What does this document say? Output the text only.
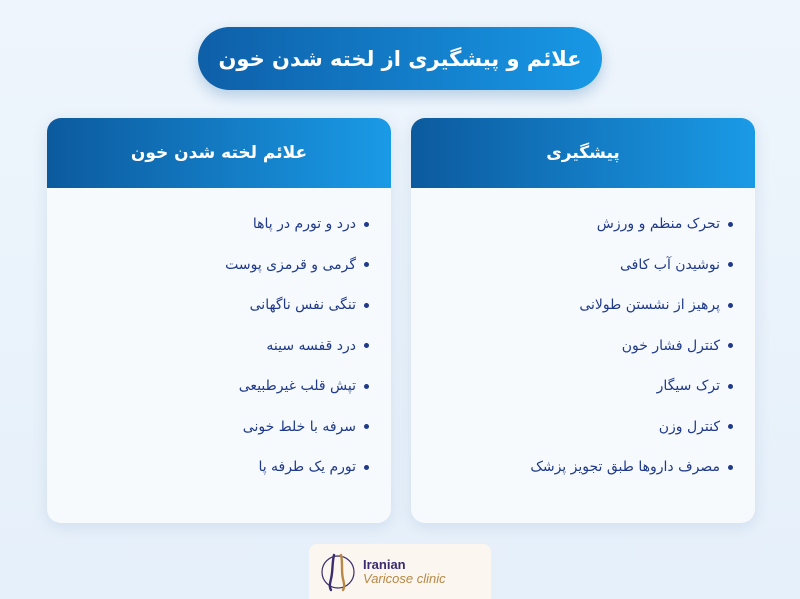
علائم و پیشگیری از لخته شدن خون
پیشگیری
تحرک منظم و ورزش
نوشیدن آب کافی
پرهیز از نشستن طولانی
کنترل فشار خون
ترک سیگار
کنترل وزن
مصرف داروها طبق تجویز پزشک
علائم لخته شدن خون
درد و تورم در پاها
گرمی و قرمزی پوست
تنگی نفس ناگهانی
درد قفسه سینه
تپش قلب غیرطبیعی
سرفه با خلط خونی
تورم یک طرفه پا
Iranian
Varicose clinic
